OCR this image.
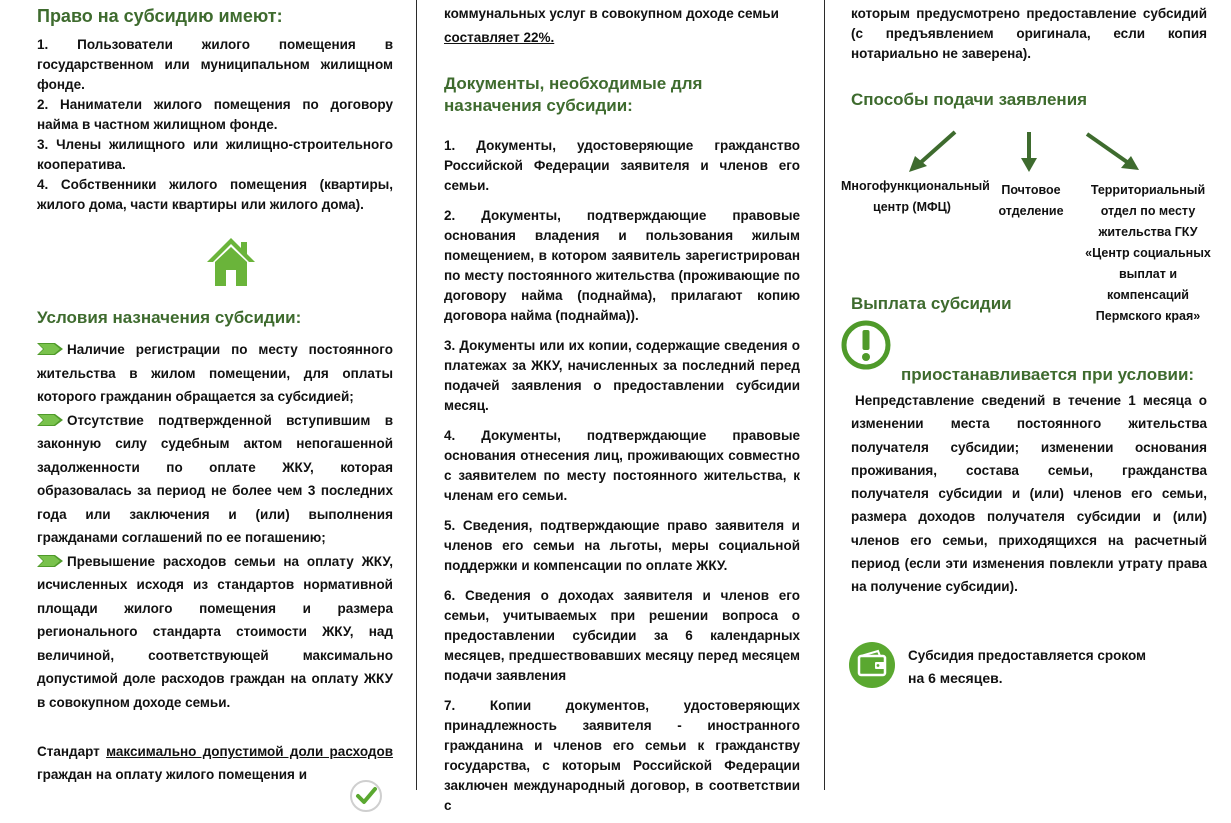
Право на субсидию имеют:

1. Пользователи жилого помещения в государственном или муниципальном жилищном фонде.

2. Наниматели жилого помещения по договору найма в частном жилищном фонде.

3. Члены жилищного или жилищно-строительного кооператива.

4. Собственники жилого помещения (квартиры, жилого дома, части квартиры или жилого дома).

Условия назначения субсидии:

Наличие регистрации по месту постоянного жительства в жилом помещении, для оплаты которого гражданин обращается за субсидией;

Отсутствие подтвержденной вступившим в законную силу судебным актом непогашенной задолженности по оплате ЖКУ, которая образовалась за период не более чем 3 последних года или заключения и (или) выполнения гражданами соглашений по ее погашению;

Превышение расходов семьи на оплату ЖКУ, исчисленных исходя из стандартов нормативной площади жилого помещения и размера регионального стандарта стоимости ЖКУ, над величиной, соответствующей максимально допустимой доле расходов граждан на оплату ЖКУ в совокупном доходе семьи.

Стандарт максимально допустимой доли расходов граждан на оплату жилого помещения и

коммунальных услуг в совокупном доходе семьи

составляет 22%.

Документы, необходимые для назначения субсидии:

1. Документы, удостоверяющие гражданство Российской Федерации заявителя и членов его семьи.

2. Документы, подтверждающие правовые основания владения и пользования жилым помещением, в котором заявитель зарегистрирован по месту постоянного жительства (проживающие по договору найма (поднайма), прилагают копию договора найма (поднайма)).

3. Документы или их копии, содержащие сведения о платежах за ЖКУ, начисленных за последний перед подачей заявления о предоставлении субсидии месяц.

4. Документы, подтверждающие правовые основания отнесения лиц, проживающих совместно с заявителем по месту постоянного жительства, к членам его семьи.

5. Сведения, подтверждающие право заявителя и членов его семьи на льготы, меры социальной поддержки и компенсации по оплате ЖКУ.

6. Сведения о доходах заявителя и членов его семьи, учитываемых при решении вопроса о предоставлении субсидии за 6 календарных месяцев, предшествовавших месяцу перед месяцем подачи заявления

7. Копии документов, удостоверяющих принадлежность заявителя - иностранного гражданина и членов его семьи к гражданству государства, с которым Российской Федерации заключен международный договор, в соответствии с

которым предусмотрено предоставление субсидий (с предъявлением оригинала, если копия нотариально не заверена).

Способы подачи заявления

Многофункциональный центр (МФЦ)
Почтовое отделение
Территориальный отдел по месту жительства ГКУ «Центр социальных выплат и компенсаций Пермского края»

Выплата субсидии

приостанавливается при условии:

Непредставление сведений в течение 1 месяца о изменении места постоянного жительства получателя субсидии; изменении основания проживания, состава семьи, гражданства получателя субсидии и (или) членов его семьи, размера доходов получателя субсидии и (или) членов его семьи, приходящихся на расчетный период (если эти изменения повлекли утрату права на получение субсидии).

Субсидия предоставляется сроком

на 6 месяцев.
